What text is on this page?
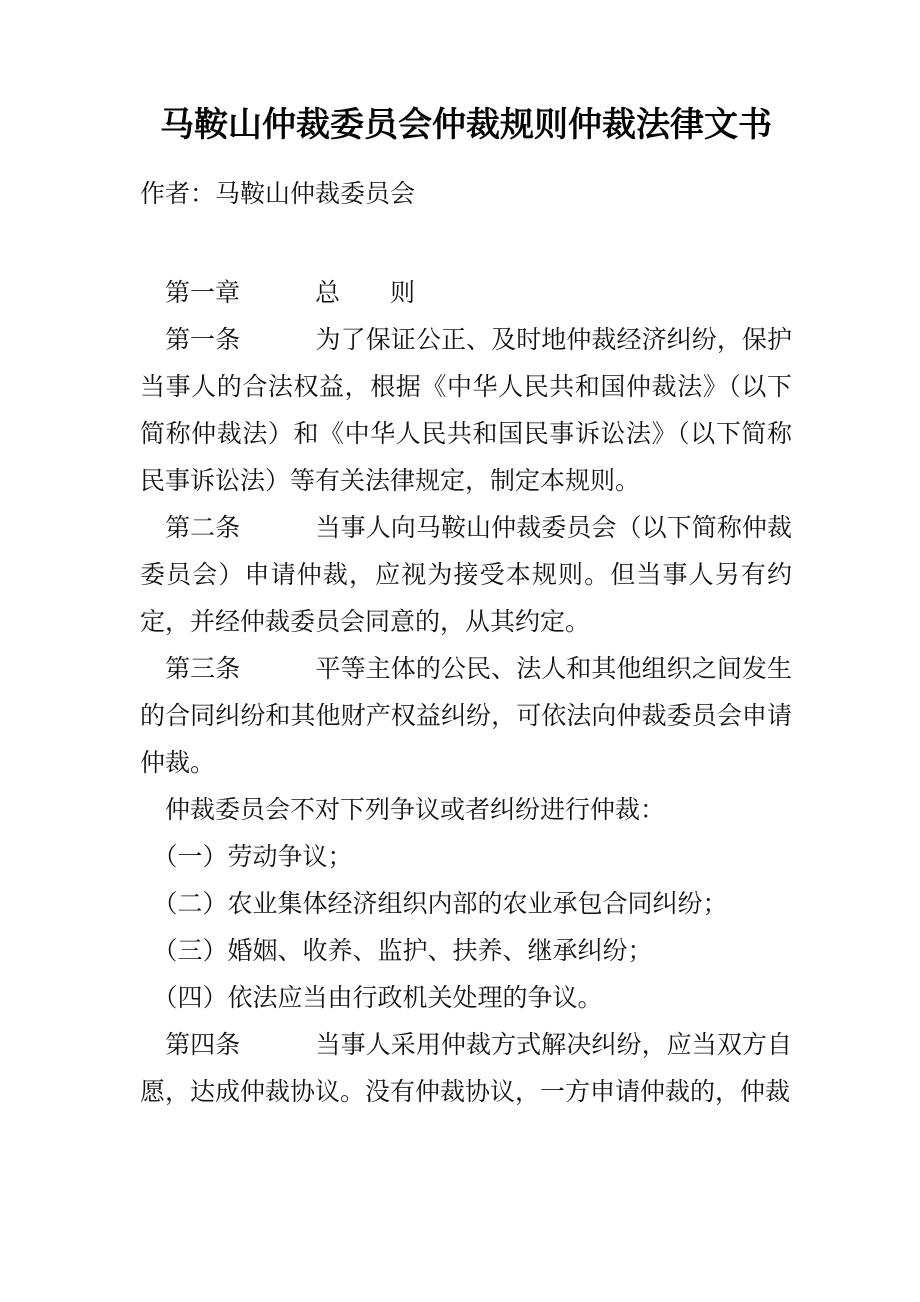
马鞍山仲裁委员会仲裁规则仲裁法律文书

作者：马鞍山仲裁委员会

　第一章　　　总　　则

　第一条　　　为了保证公正、及时地仲裁经济纠纷，保护当事人的合法权益，根据《中华人民共和国仲裁法》（以下简称仲裁法）和《中华人民共和国民事诉讼法》（以下简称民事诉讼法）等有关法律规定，制定本规则。

　第二条　　　当事人向马鞍山仲裁委员会（以下简称仲裁委员会）申请仲裁，应视为接受本规则。但当事人另有约定，并经仲裁委员会同意的，从其约定。

　第三条　　　平等主体的公民、法人和其他组织之间发生的合同纠纷和其他财产权益纠纷，可依法向仲裁委员会申请仲裁。

　仲裁委员会不对下列争议或者纠纷进行仲裁：

　（一）劳动争议；

　（二）农业集体经济组织内部的农业承包合同纠纷；

　（三）婚姻、收养、监护、扶养、继承纠纷；

　（四）依法应当由行政机关处理的争议。

　第四条　　　当事人采用仲裁方式解决纠纷，应当双方自愿，达成仲裁协议。没有仲裁协议，一方申请仲裁的，仲裁
